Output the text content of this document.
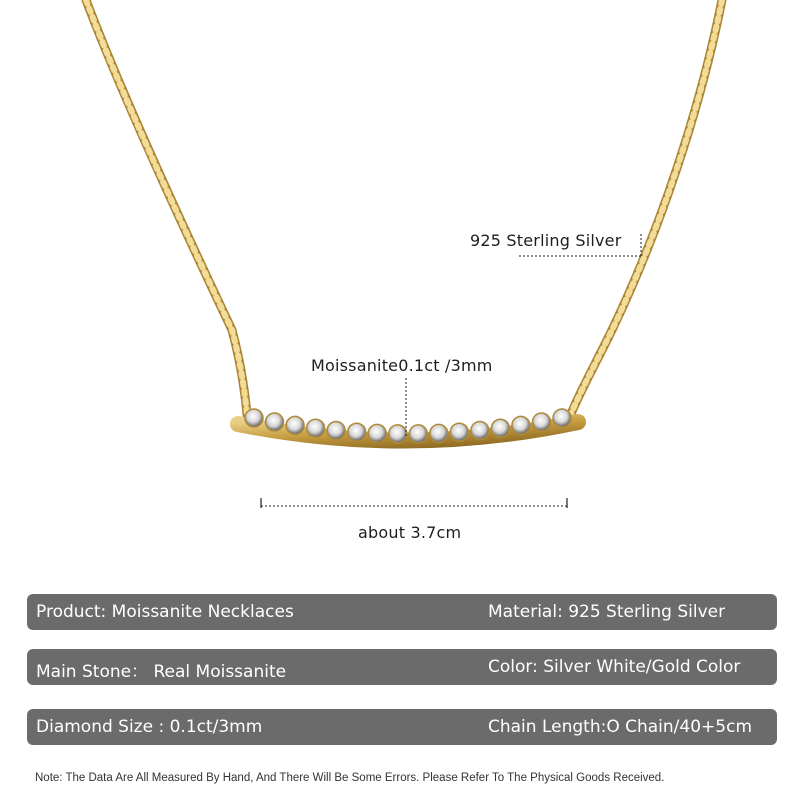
925 Sterling Silver
Moissanite0.1ct /3mm
about 3.7cm
Product: Moissanite Necklaces	Material: 925 Sterling Silver
Main Stone： Real Moissanite	Color: Silver White/Gold Color
Diamond Size : 0.1ct/3mm	Chain Length:O Chain/40+5cm
Note: The Data Are All Measured By Hand, And There Will Be Some Errors. Please Refer To The Physical Goods Received.
